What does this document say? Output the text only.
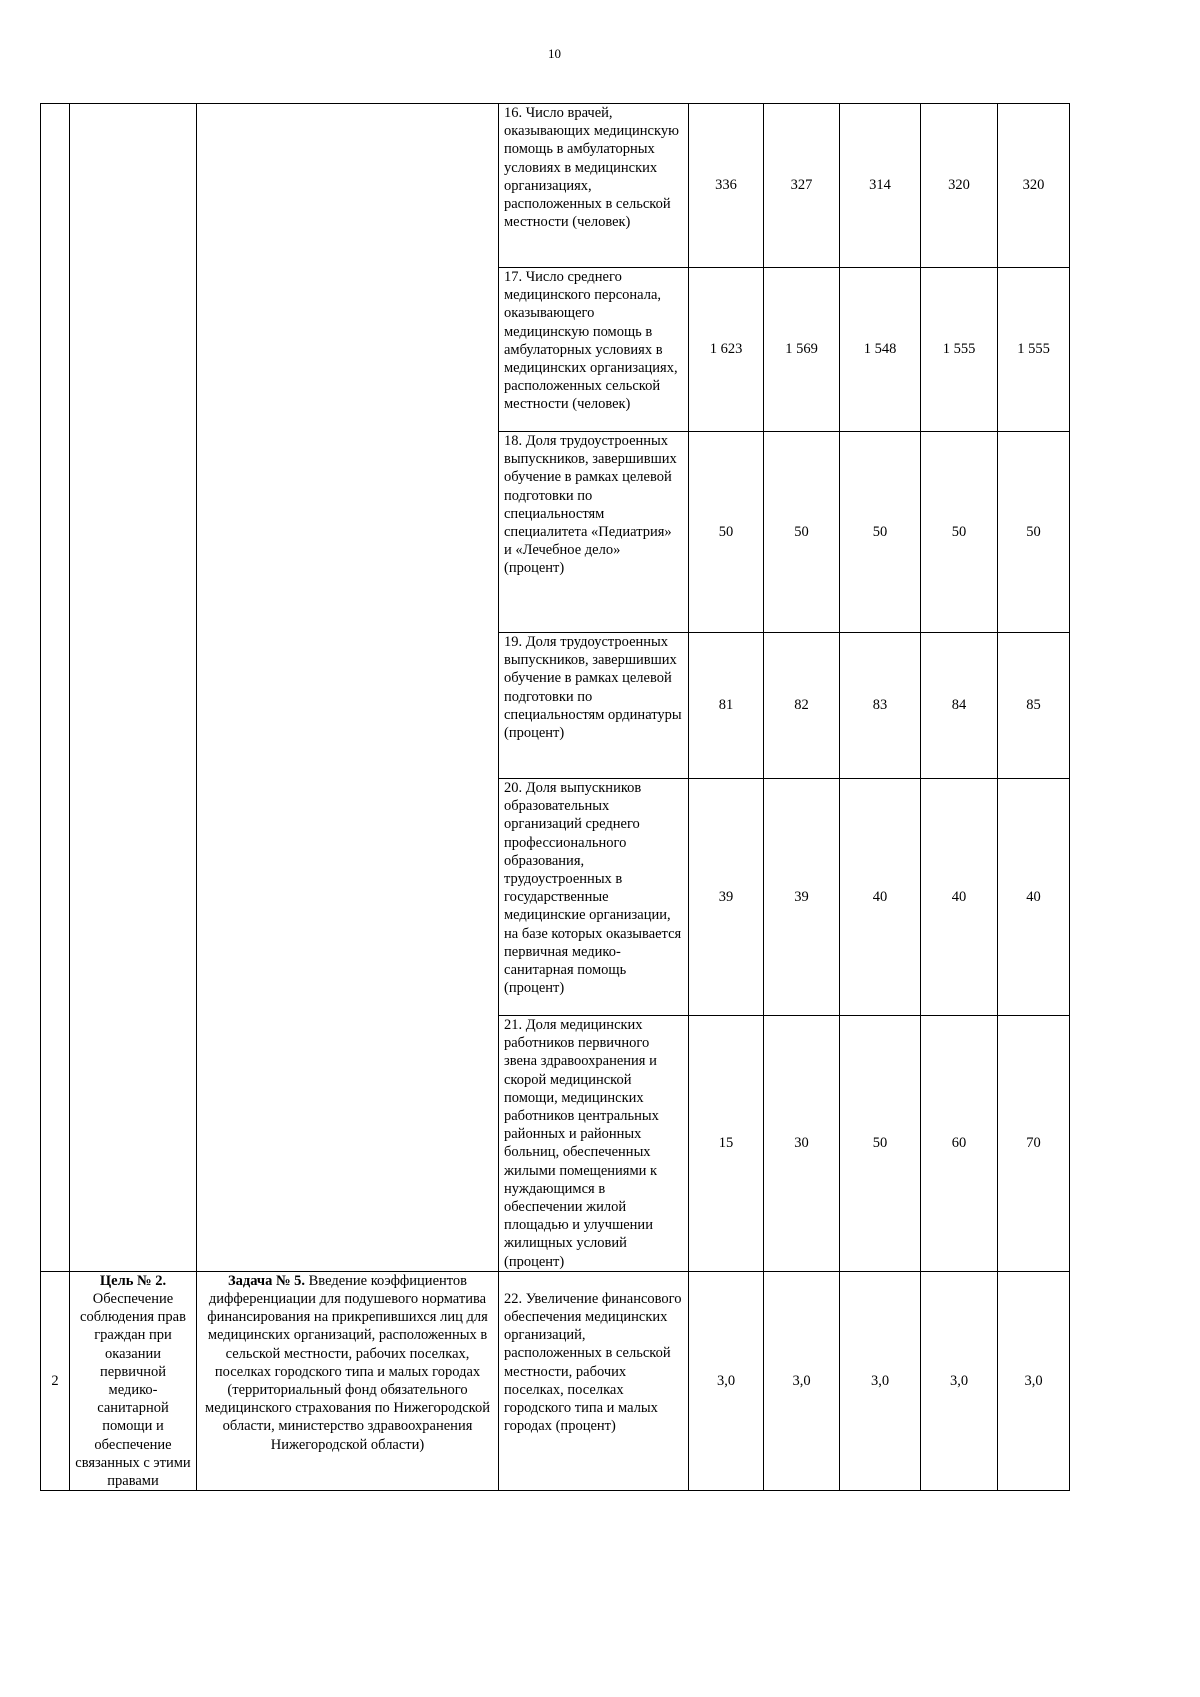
10
			16. Число врачей, оказывающих медицинскую помощь в амбулаторных условиях в медицинских организациях, расположенных в сельской местности (человек)	336	327	314	320	320
			17. Число среднего медицинского персонала, оказывающего медицинскую помощь в амбулаторных условиях в медицинских организациях, расположенных сельской местности (человек)	1 623	1 569	1 548	1 555	1 555
			18. Доля трудоустроенных выпускников, завершивших обучение в рамках целевой подготовки по специальностям специалитета «Педиатрия» и «Лечебное дело» (процент)	50	50	50	50	50
			19. Доля трудоустроенных выпускников, завершивших обучение в рамках целевой подготовки по специальностям ординатуры (процент)	81	82	83	84	85
			20. Доля выпускников образовательных организаций среднего профессионального образования, трудоустроенных в государственные медицинские организации, на базе которых оказывается первичная медико-санитарная помощь (процент)	39	39	40	40	40
			21. Доля медицинских работников первичного звена здравоохранения и скорой медицинской помощи, медицинских работников центральных районных и районных больниц, обеспеченных жилыми помещениями к нуждающимся в обеспечении жилой площадью и улучшении жилищных условий (процент)	15	30	50	60	70
2	Цель № 2. Обеспечение соблюдения прав граждан при оказании первичной медико-санитарной помощи и обеспечение связанных с этими правами	Задача № 5. Введение коэффициентов дифференциации для подушевого норматива финансирования на прикрепившихся лиц для медицинских организаций, расположенных в сельской местности, рабочих поселках, поселках городского типа и малых городах (территориальный фонд обязательного медицинского страхования по Нижегородской области, министерство здравоохранения Нижегородской области)	22. Увеличение финансового обеспечения медицинских организаций, расположенных в сельской местности, рабочих поселках, поселках городского типа и малых городах (процент)	3,0	3,0	3,0	3,0	3,0
